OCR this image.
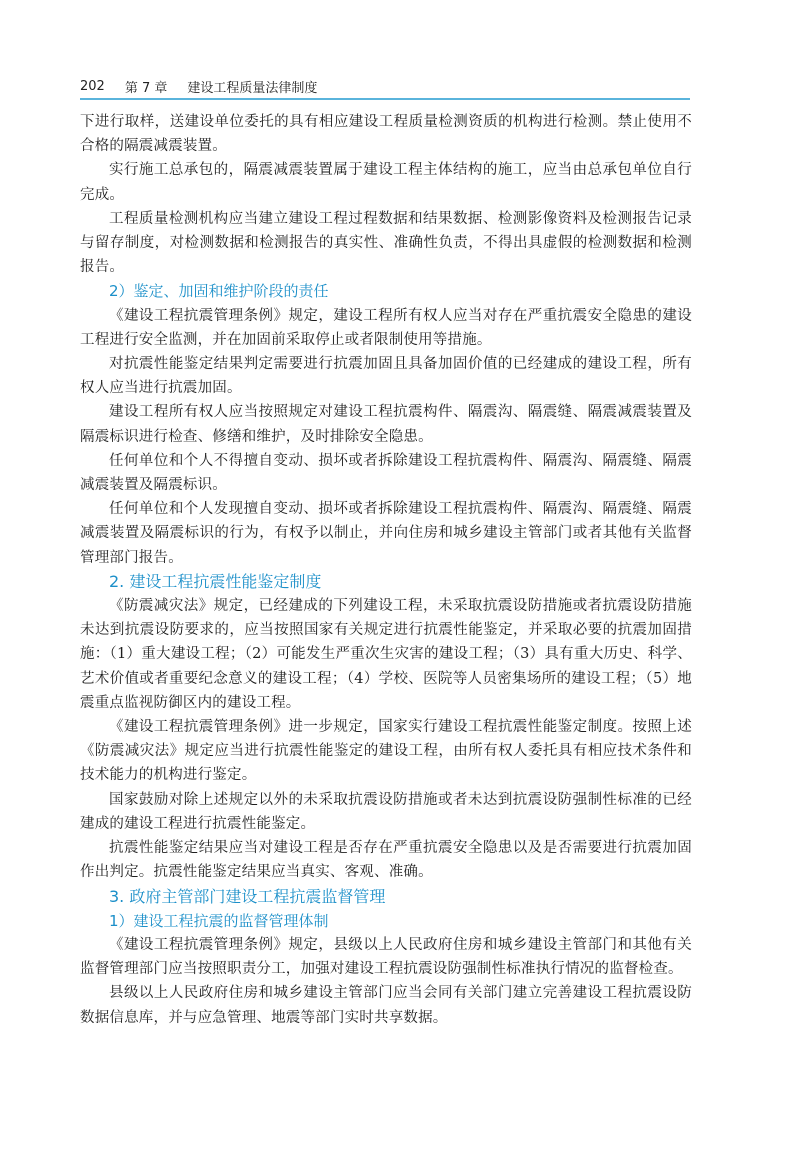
202 第 7 章 建设工程质量法律制度

下进行取样，送建设单位委托的具有相应建设工程质量检测资质的机构进行检测。禁止使用不合格的隔震减震装置。

实行施工总承包的，隔震减震装置属于建设工程主体结构的施工，应当由总承包单位自行完成。

工程质量检测机构应当建立建设工程过程数据和结果数据、检测影像资料及检测报告记录与留存制度，对检测数据和检测报告的真实性、准确性负责，不得出具虚假的检测数据和检测报告。

2）鉴定、加固和维护阶段的责任

《建设工程抗震管理条例》规定，建设工程所有权人应当对存在严重抗震安全隐患的建设工程进行安全监测，并在加固前采取停止或者限制使用等措施。

对抗震性能鉴定结果判定需要进行抗震加固且具备加固价值的已经建成的建设工程，所有权人应当进行抗震加固。

建设工程所有权人应当按照规定对建设工程抗震构件、隔震沟、隔震缝、隔震减震装置及隔震标识进行检查、修缮和维护，及时排除安全隐患。

任何单位和个人不得擅自变动、损坏或者拆除建设工程抗震构件、隔震沟、隔震缝、隔震减震装置及隔震标识。

任何单位和个人发现擅自变动、损坏或者拆除建设工程抗震构件、隔震沟、隔震缝、隔震减震装置及隔震标识的行为，有权予以制止，并向住房和城乡建设主管部门或者其他有关监督管理部门报告。

2. 建设工程抗震性能鉴定制度

《防震减灾法》规定，已经建成的下列建设工程，未采取抗震设防措施或者抗震设防措施未达到抗震设防要求的，应当按照国家有关规定进行抗震性能鉴定，并采取必要的抗震加固措施：（1）重大建设工程；（2）可能发生严重次生灾害的建设工程；（3）具有重大历史、科学、艺术价值或者重要纪念意义的建设工程；（4）学校、医院等人员密集场所的建设工程；（5）地震重点监视防御区内的建设工程。

《建设工程抗震管理条例》进一步规定，国家实行建设工程抗震性能鉴定制度。按照上述《防震减灾法》规定应当进行抗震性能鉴定的建设工程，由所有权人委托具有相应技术条件和技术能力的机构进行鉴定。

国家鼓励对除上述规定以外的未采取抗震设防措施或者未达到抗震设防强制性标准的已经建成的建设工程进行抗震性能鉴定。

抗震性能鉴定结果应当对建设工程是否存在严重抗震安全隐患以及是否需要进行抗震加固作出判定。抗震性能鉴定结果应当真实、客观、准确。

3. 政府主管部门建设工程抗震监督管理
1）建设工程抗震的监督管理体制

《建设工程抗震管理条例》规定，县级以上人民政府住房和城乡建设主管部门和其他有关监督管理部门应当按照职责分工，加强对建设工程抗震设防强制性标准执行情况的监督检查。

县级以上人民政府住房和城乡建设主管部门应当会同有关部门建立完善建设工程抗震设防数据信息库，并与应急管理、地震等部门实时共享数据。
